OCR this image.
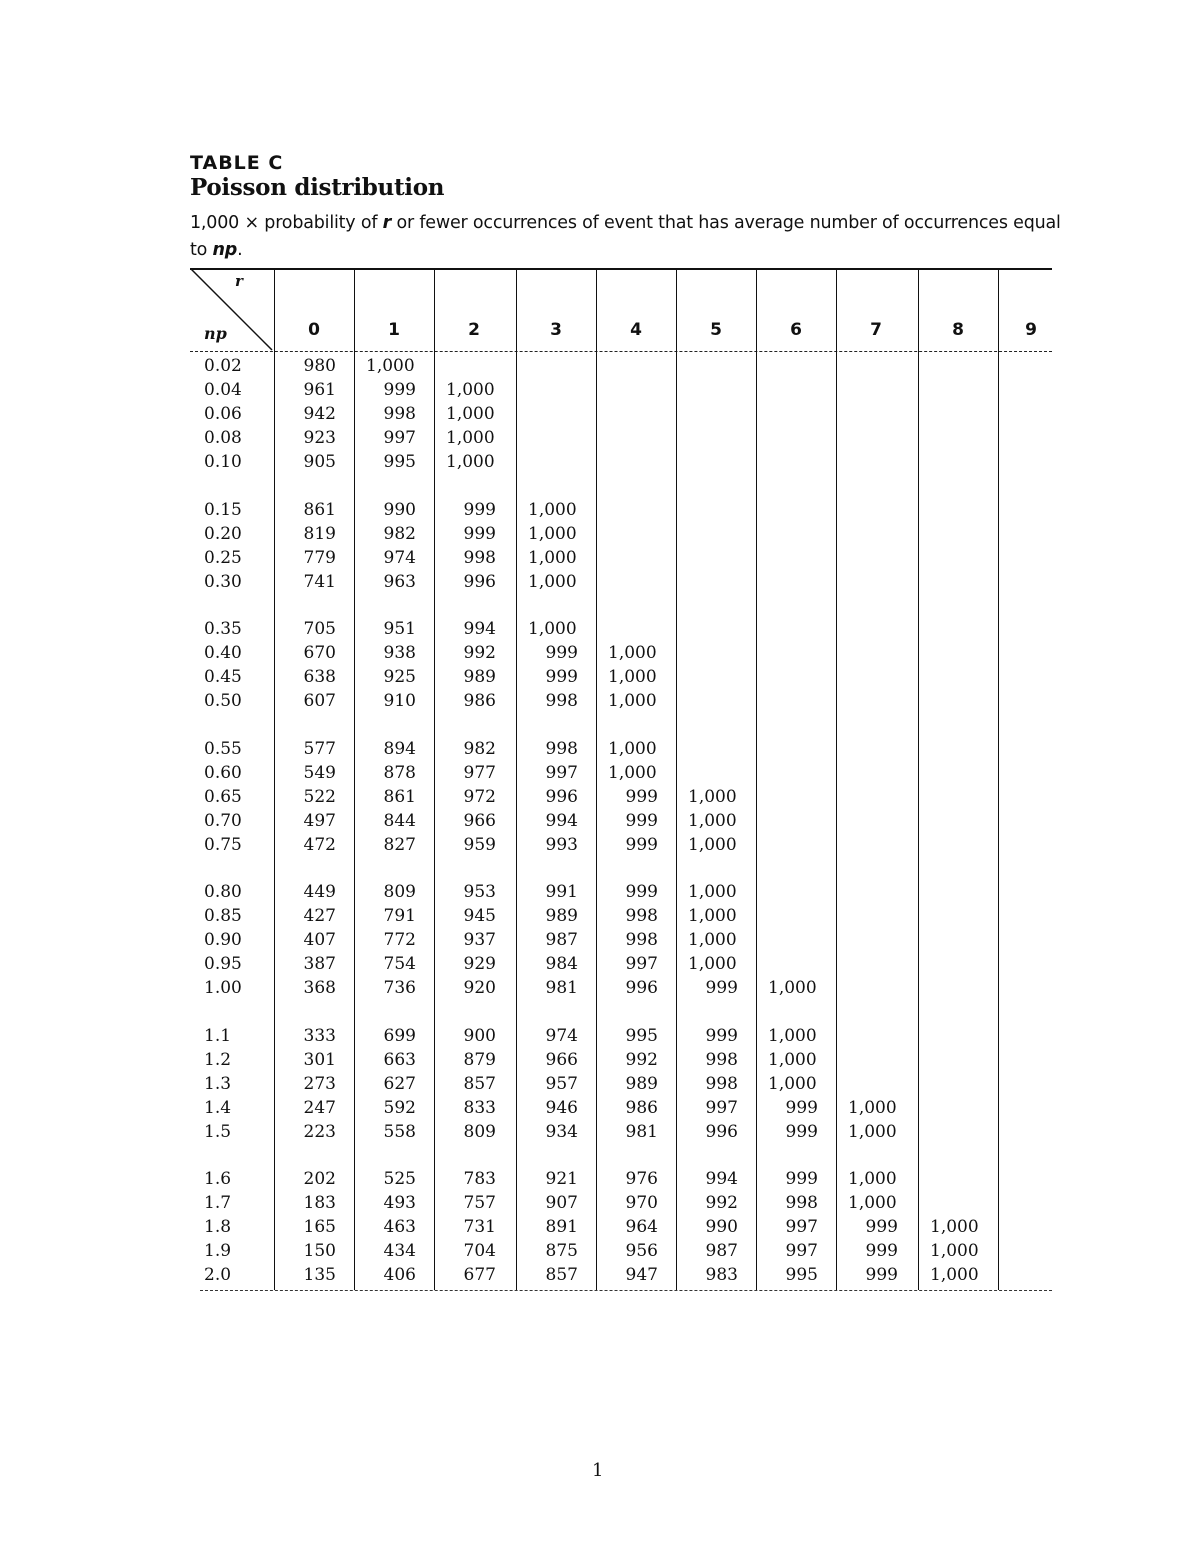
TABLE C
Poisson distribution
1,000 × probability of r or fewer occurrences of event that has average number of occurrences equal to np.
r
np	0	1	2	3	4	5	6	7	8	9
0.02	980 1,000
0.04	961	999 1,000
0.06	942	998 1,000
0.08	923	997 1,000
0.10	905	995 1,000
0.15	861	990	999 1,000
0.20	819	982	999 1,000
0.25	779	974	998 1,000
0.30	741	963	996 1,000
0.35	705	951	994 1,000
0.40	670	938	992	999 1,000
0.45	638	925	989	999 1,000
0.50	607	910	986	998 1,000
0.55	577	894	982	998 1,000
0.60	549	878	977	997 1,000
0.65	522	861	972	996	999 1,000
0.70	497	844	966	994	999 1,000
0.75	472	827	959	993	999 1,000
0.80	449	809	953	991	999 1,000
0.85	427	791	945	989	998 1,000
0.90	407	772	937	987	998 1,000
0.95	387	754	929	984	997 1,000
1.00	368	736	920	981	996	999 1,000
1.1	333	699	900	974	995	999 1,000
1.2	301	663	879	966	992	998 1,000
1.3	273	627	857	957	989	998 1,000
1.4	247	592	833	946	986	997	999 1,000
1.5	223	558	809	934	981	996	999 1,000
1.6	202	525	783	921	976	994	999 1,000
1.7	183	493	757	907	970	992	998 1,000
1.8	165	463	731	891	964	990	997	999 1,000
1.9	150	434	704	875	956	987	997	999 1,000
2.0	135	406	677	857	947	983	995	999 1,000
1
